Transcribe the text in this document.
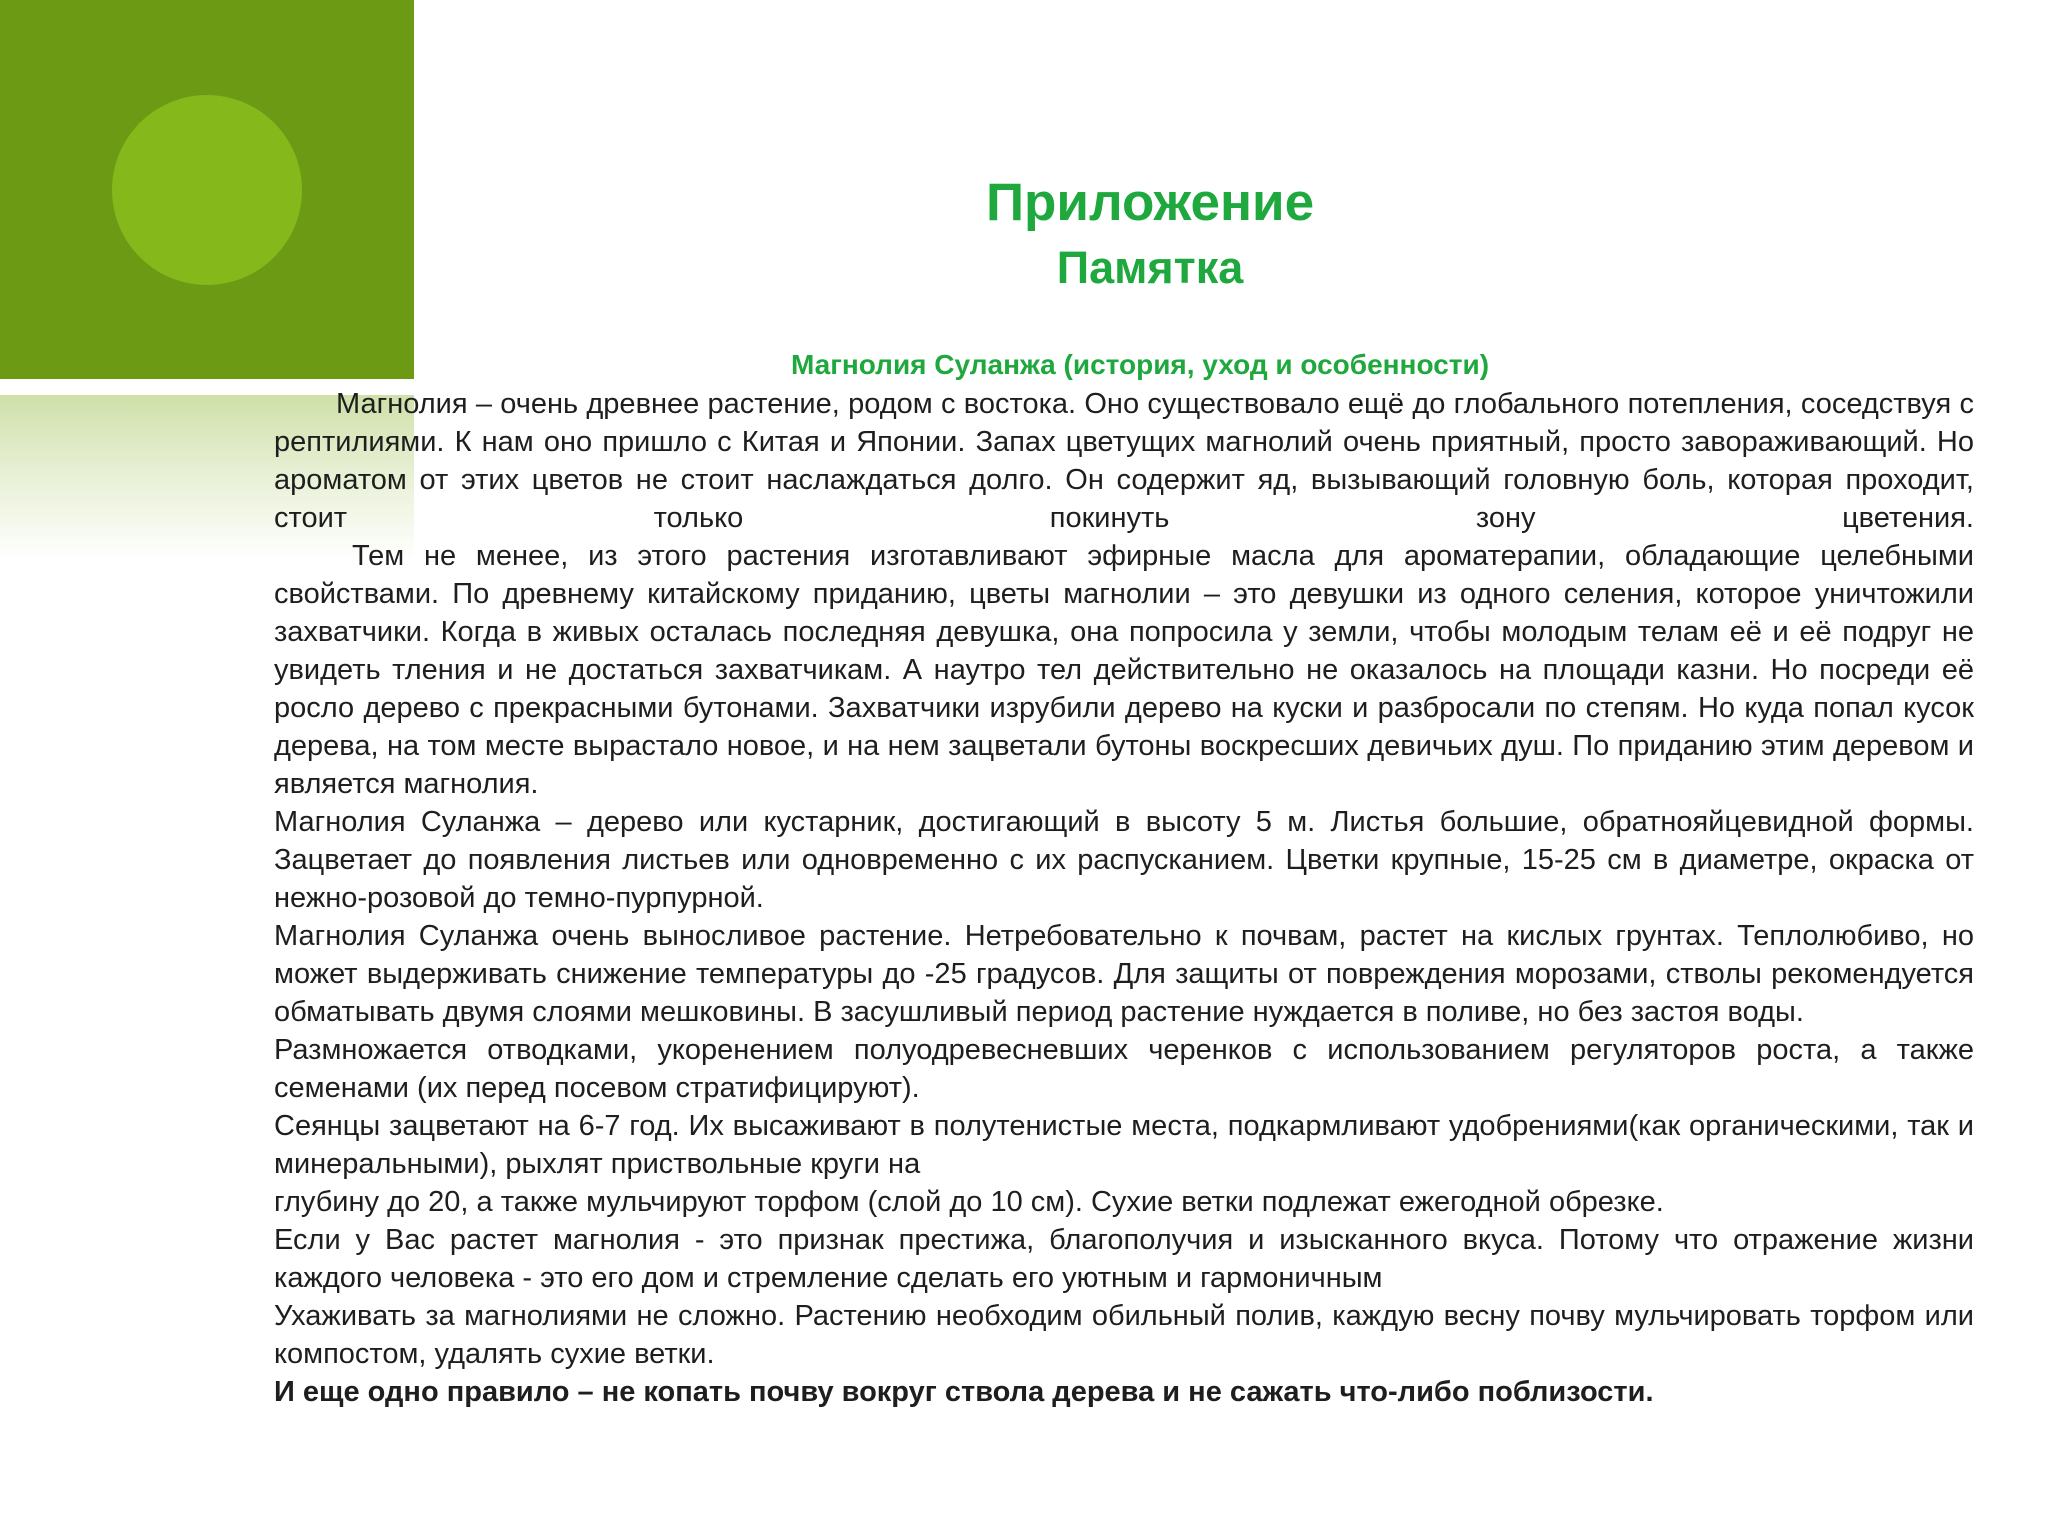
Приложение
Памятка
Магнолия Суланжа (история, уход и особенности)

Магнолия – очень древнее растение, родом с востока. Оно существовало ещё до глобального потепления, соседствуя с рептилиями. К нам оно пришло с Китая и Японии. Запах цветущих магнолий очень приятный, просто завораживающий. Но ароматом от этих цветов не стоит наслаждаться долго. Он содержит яд, вызывающий головную боль, которая проходит, стоит только покинуть зону цветения.

Тем не менее, из этого растения изготавливают эфирные масла для ароматерапии, обладающие целебными свойствами. По древнему китайскому приданию, цветы магнолии – это девушки из одного селения, которое уничтожили захватчики. Когда в живых осталась последняя девушка, она попросила у земли, чтобы молодым телам её и её подруг не увидеть тления и не достаться захватчикам. А наутро тел действительно не оказалось на площади казни. Но посреди её росло дерево с прекрасными бутонами. Захватчики изрубили дерево на куски и разбросали по степям. Но куда попал кусок дерева, на том месте вырастало новое, и на нем зацветали бутоны воскресших девичьих душ. По приданию этим деревом и является магнолия.

Магнолия Суланжа – дерево или кустарник, достигающий в высоту 5 м. Листья большие, обратнояйцевидной формы. Зацветает до появления листьев или одновременно с их распусканием. Цветки крупные, 15-25 см в диаметре, окраска от нежно-розовой до темно-пурпурной.

Магнолия Суланжа очень выносливое растение. Нетребовательно к почвам, растет на кислых грунтах. Теплолюбиво, но может выдерживать снижение температуры до -25 градусов. Для защиты от повреждения морозами, стволы рекомендуется обматывать двумя слоями мешковины. В засушливый период растение нуждается в поливе, но без застоя воды.

Размножается отводками, укоренением полуодревесневших черенков с использованием регуляторов роста, а также семенами (их перед посевом стратифицируют).

Сеянцы зацветают на 6-7 год. Их высаживают в полутенистые места, подкармливают удобрениями(как органическими, так и минеральными), рыхлят приствольные круги на

глубину до 20, а также мульчируют торфом (слой до 10 см). Сухие ветки подлежат ежегодной обрезке.

Если у Вас растет магнолия - это признак престижа, благополучия и изысканного вкуса. Потому что отражение жизни каждого человека - это его дом и стремление сделать его уютным и гармоничным

Ухаживать за магнолиями не сложно. Растению необходим обильный полив, каждую весну почву мульчировать торфом или компостом, удалять сухие ветки.

И еще одно правило – не копать почву вокруг ствола дерева и не сажать что-либо поблизости.
